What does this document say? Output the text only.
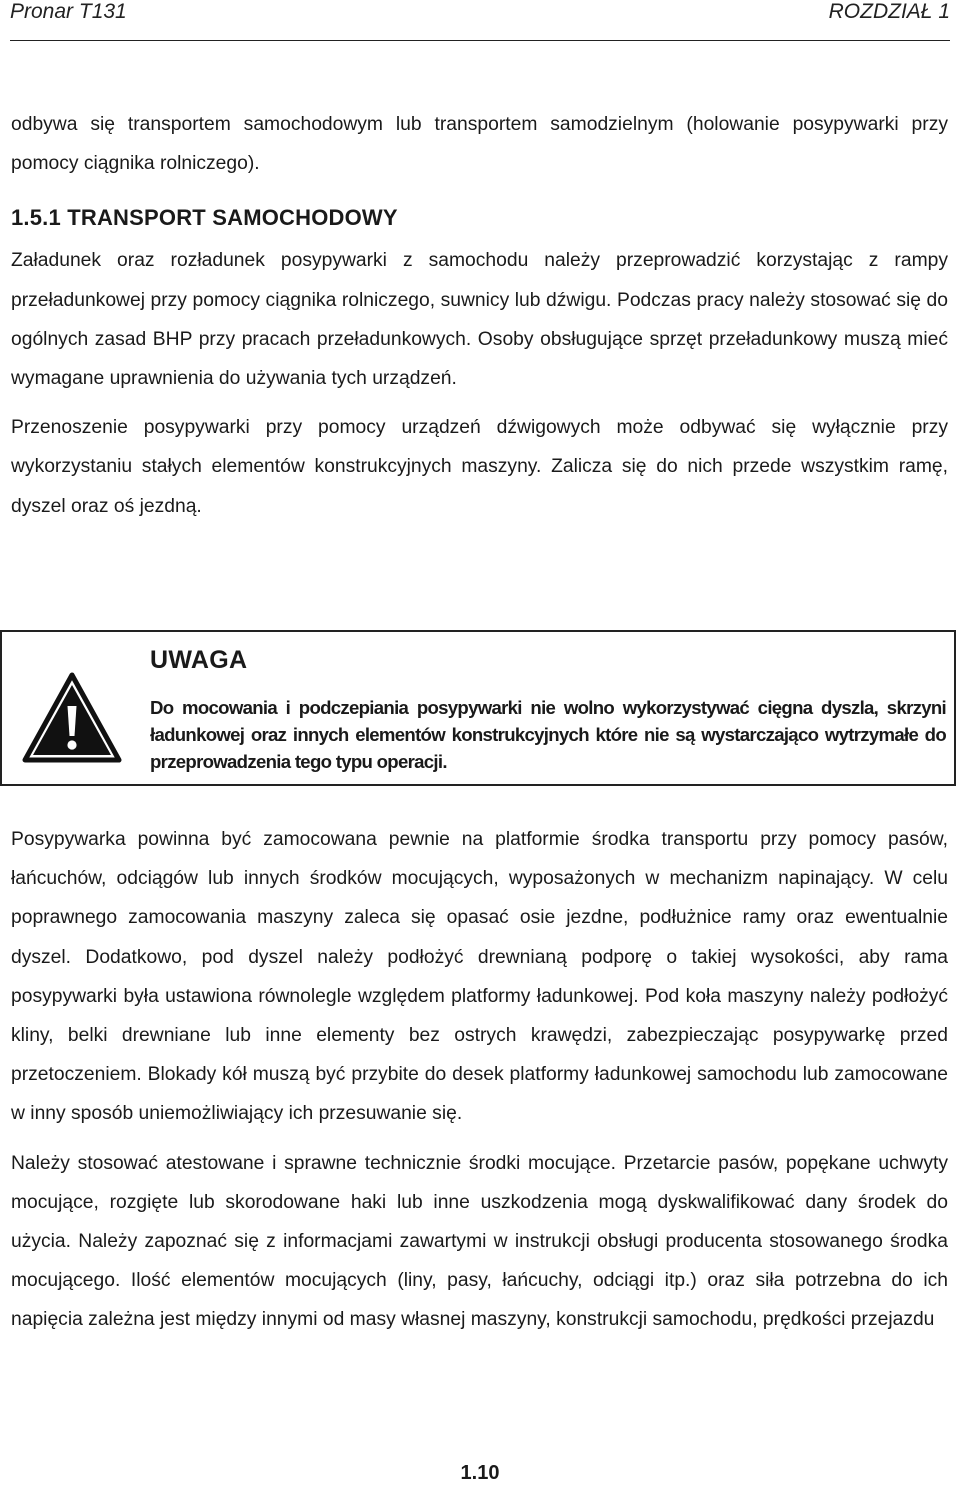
Pronar T131	ROZDZIAŁ 1

odbywa się transportem samochodowym lub transportem samodzielnym (holowanie posypywarki przy pomocy ciągnika rolniczego).

1.5.1 TRANSPORT SAMOCHODOWY

Załadunek oraz rozładunek posypywarki z samochodu należy przeprowadzić korzystając z rampy przeładunkowej przy pomocy ciągnika rolniczego, suwnicy lub dźwigu. Podczas pracy należy stosować się do ogólnych zasad BHP przy pracach przeładunkowych. Osoby obsługujące sprzęt przeładunkowy muszą mieć wymagane uprawnienia do używania tych urządzeń.

Przenoszenie posypywarki przy pomocy urządzeń dźwigowych może odbywać się wyłącznie przy wykorzystaniu stałych elementów konstrukcyjnych maszyny. Zalicza się do nich przede wszystkim ramę, dyszel oraz oś jezdną.

UWAGA
Do mocowania i podczepiania posypywarki nie wolno wykorzystywać cięgna dyszla, skrzyni ładunkowej oraz innych elementów konstrukcyjnych które nie są wystarczająco wytrzymałe do przeprowadzenia tego typu operacji.

Posypywarka powinna być zamocowana pewnie na platformie środka transportu przy pomocy pasów, łańcuchów, odciągów lub innych środków mocujących, wyposażonych w mechanizm napinający. W celu poprawnego zamocowania maszyny zaleca się opasać osie jezdne, podłużnice ramy oraz ewentualnie dyszel. Dodatkowo, pod dyszel należy podłożyć drewnianą podporę o takiej wysokości, aby rama posypywarki była ustawiona równolegle względem platformy ładunkowej. Pod koła maszyny należy podłożyć kliny, belki drewniane lub inne elementy bez ostrych krawędzi, zabezpieczając posypywarkę przed przetoczeniem. Blokady kół muszą być przybite do desek platformy ładunkowej samochodu lub zamocowane w inny sposób uniemożliwiający ich przesuwanie się.

Należy stosować atestowane i sprawne technicznie środki mocujące. Przetarcie pasów, popękane uchwyty mocujące, rozgięte lub skorodowane haki lub inne uszkodzenia mogą dyskwalifikować dany środek do użycia. Należy zapoznać się z informacjami zawartymi w instrukcji obsługi producenta stosowanego środka mocującego. Ilość elementów mocujących (liny, pasy, łańcuchy, odciągi itp.) oraz siła potrzebna do ich napięcia zależna jest między innymi od masy własnej maszyny, konstrukcji samochodu, prędkości przejazdu

1.10
